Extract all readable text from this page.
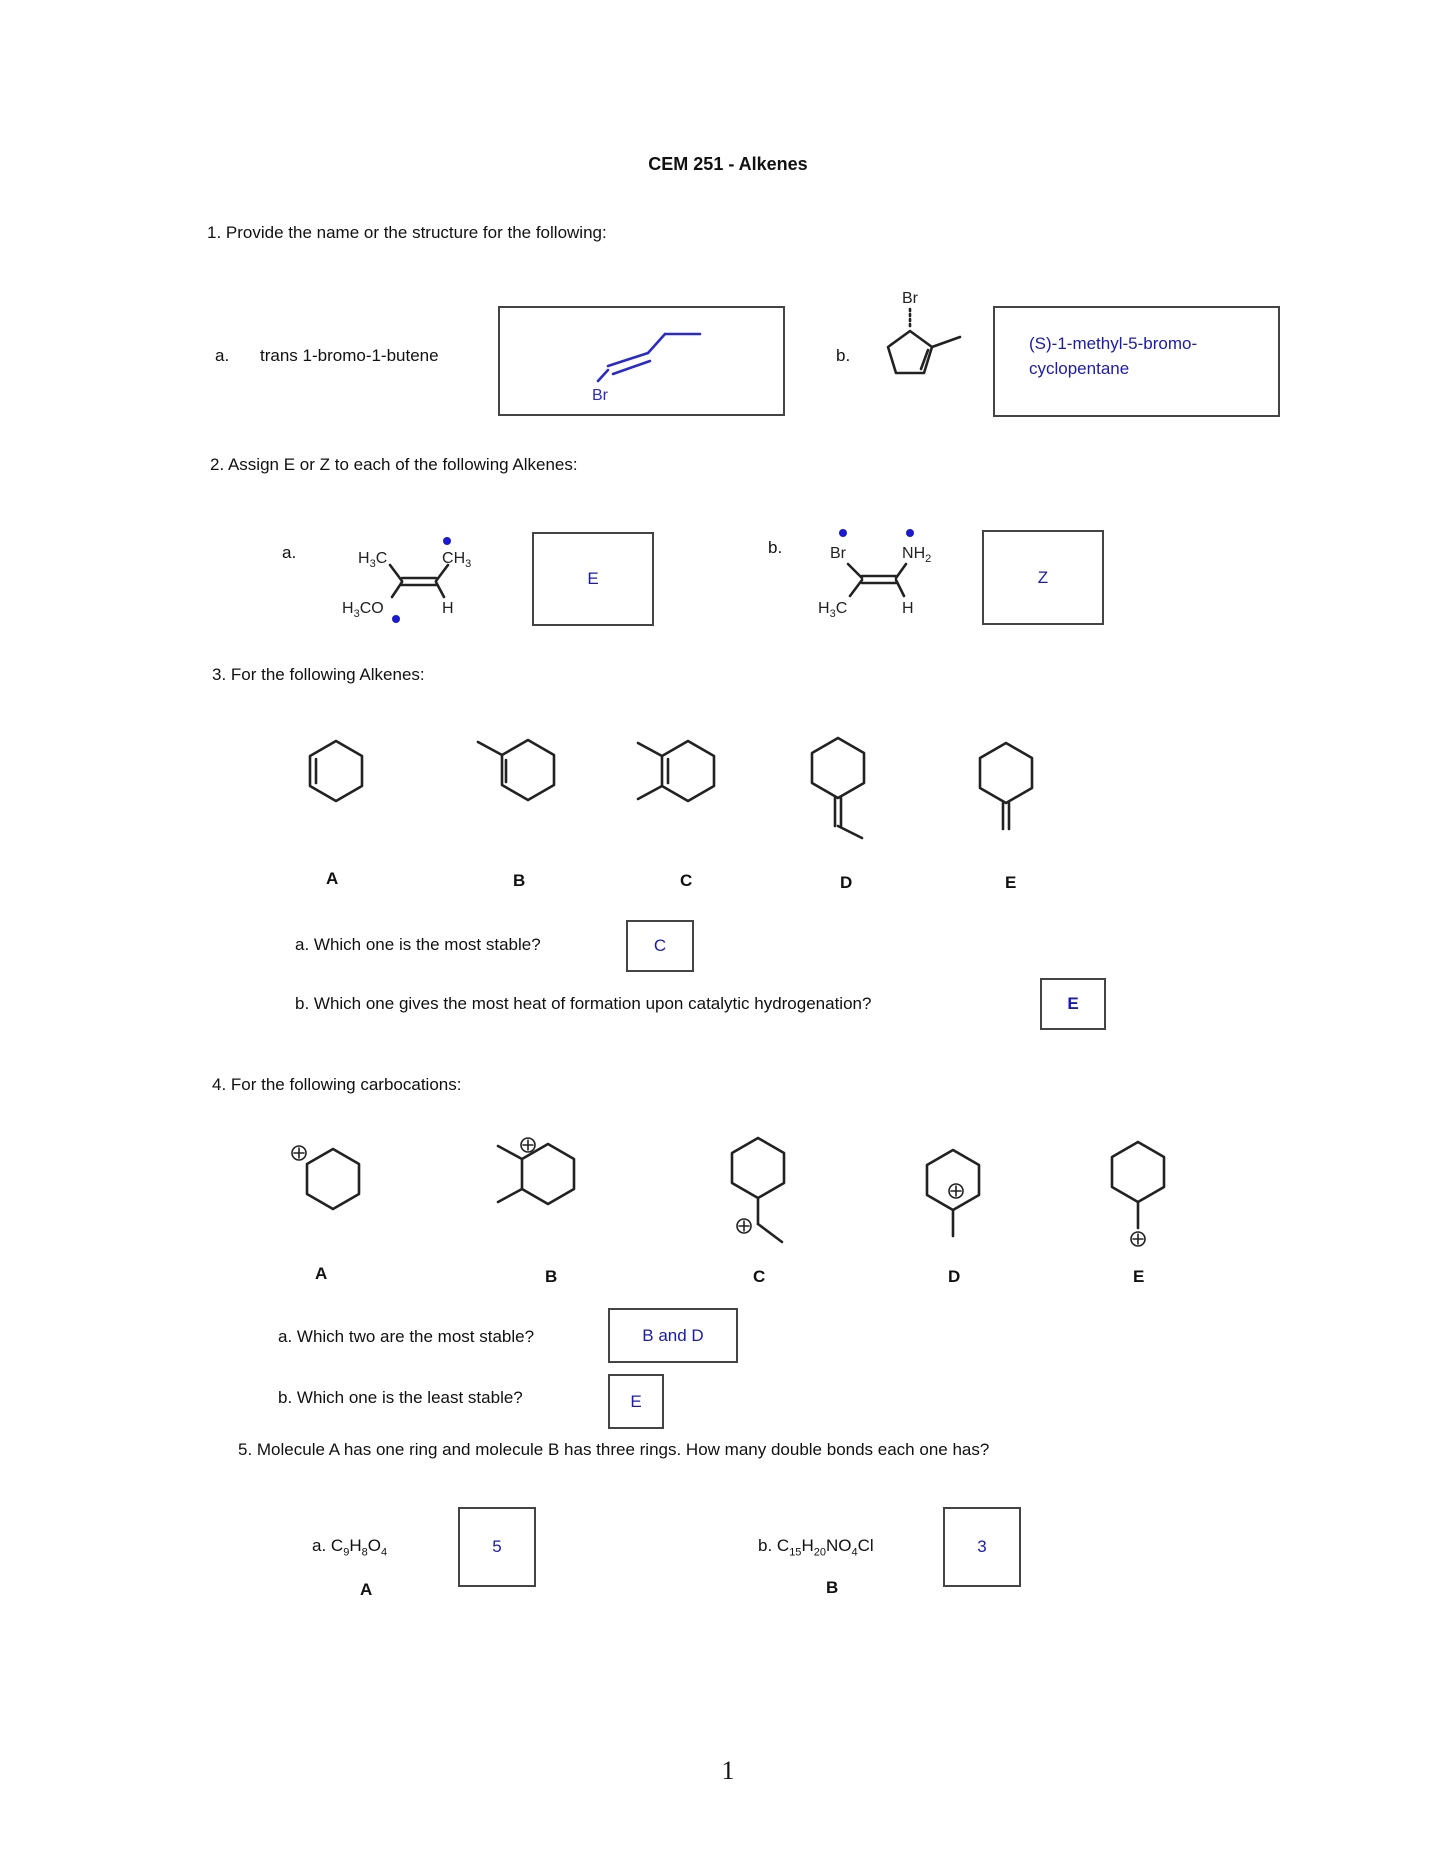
CEM 251 - Alkenes
1. Provide the name or the structure for the following:
a. trans 1-bromo-1-butene
Br
b.
Br
(S)-1-methyl-5-bromo-
cyclopentane
2. Assign E or Z to each of the following Alkenes:
a.	$H_3C$	$CH_3$
$H_3CO$	H
E
b.	Br	$NH_2$
$H_3C$	H
Z
3. For the following Alkenes:
A	B	C	D	E
a. Which one is the most stable?	C
b. Which one gives the most heat of formation upon catalytic hydrogenation?	E
4. For the following carbocations:
A	B	C	D	E
a. Which two are the most stable?	B and D
b. Which one is the least stable?	E
5. Molecule A has one ring and molecule B has three rings. How many double bonds each one has?
a. $C_9H_8O_4$
A
5	b. $C_{15}H_{20}NO_4Cl$
B
3
1
